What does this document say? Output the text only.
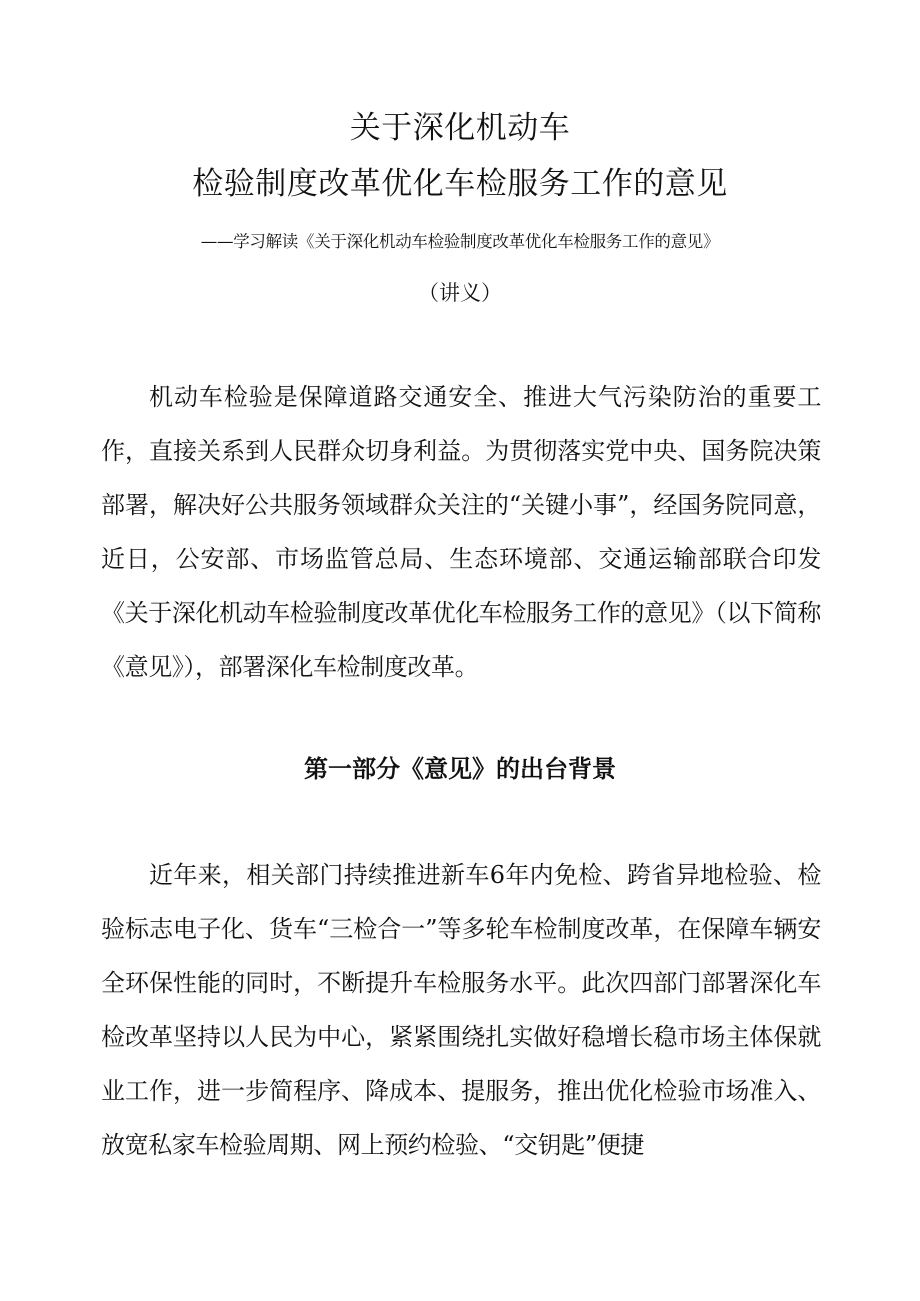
关于深化机动车
检验制度改革优化车检服务工作的意见

——学习解读《关于深化机动车检验制度改革优化车检服务工作的意见》

（讲义）

机动车检验是保障道路交通安全、推进大气污染防治的重要工作，直接关系到人民群众切身利益。为贯彻落实党中央、国务院决策部署，解决好公共服务领域群众关注的“关键小事”，经国务院同意，近日，公安部、市场监管总局、生态环境部、交通运输部联合印发《关于深化机动车检验制度改革优化车检服务工作的意见》（以下简称《意见》），部署深化车检制度改革。

第一部分《意见》的出台背景

近年来，相关部门持续推进新车6年内免检、跨省异地检验、检验标志电子化、货车“三检合一”等多轮车检制度改革，在保障车辆安全环保性能的同时，不断提升车检服务水平。此次四部门部署深化车检改革坚持以人民为中心，紧紧围绕扎实做好稳增长稳市场主体保就业工作，进一步简程序、降成本、提服务，推出优化检验市场准入、放宽私家车检验周期、网上预约检验、“交钥匙”便捷
